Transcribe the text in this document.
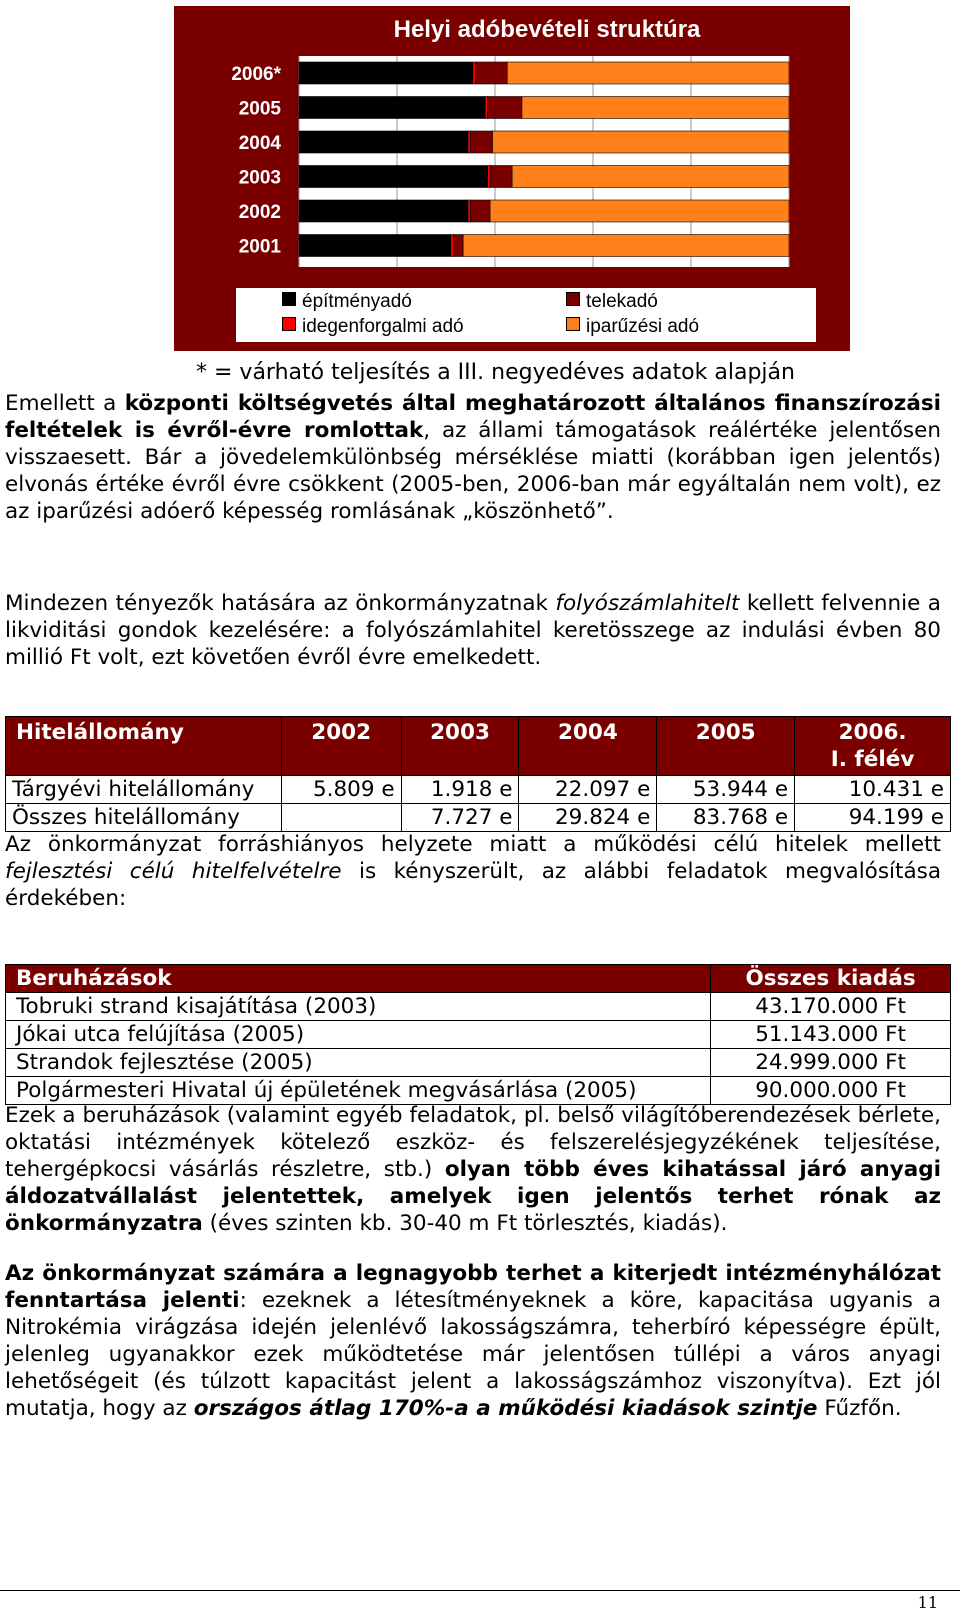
Helyi adóbevételi struktúra
2006*
2005
2004
2003
2002
2001
építményadó	telekadó
idegenforgalmi adó	iparűzési adó
* = várható teljesítés a III. negyedéves adatok alapján

Emellett a központi költségvetés által meghatározott általános finanszírozási feltételek is évről-évre romlottak, az állami támogatások reálértéke jelentősen visszaesett. Bár a jövedelemkülönbség mérséklése miatti (korábban igen jelentős) elvonás értéke évről évre csökkent (2005-ben, 2006-ban már egyáltalán nem volt), ez az iparűzési adóerő képesség romlásának „köszönhető”.

Mindezen tényezők hatására az önkormányzatnak folyószámlahitelt kellett felvennie a likviditási gondok kezelésére: a folyószámlahitel keretösszege az indulási évben 80 millió Ft volt, ezt követően évről évre emelkedett.

Hitelállomány	2002	2003	2004	2005	2006.
I. félév
Tárgyévi hitelállomány	5.809 e	1.918 e	22.097 e	53.944 e	10.431 e
Összes hitelállomány		7.727 e	29.824 e	83.768 e	94.199 e

Az önkormányzat forráshiányos helyzete miatt a működési célú hitelek mellett fejlesztési célú hitelfelvételre is kényszerült, az alábbi feladatok megvalósítása érdekében:

Beruházások	Összes kiadás
Tobruki strand kisajátítása (2003)	43.170.000 Ft
Jókai utca felújítása (2005)	51.143.000 Ft
Strandok fejlesztése (2005)	24.999.000 Ft
Polgármesteri Hivatal új épületének megvásárlása (2005)	90.000.000 Ft

Ezek a beruházások (valamint egyéb feladatok, pl. belső világítóberendezések bérlete, oktatási intézmények kötelező eszköz- és felszerelésjegyzékének teljesítése, tehergépkocsi vásárlás részletre, stb.) olyan több éves kihatással járó anyagi áldozatvállalást jelentettek, amelyek igen jelentős terhet rónak az önkormányzatra (éves szinten kb. 30-40 m Ft törlesztés, kiadás).

Az önkormányzat számára a legnagyobb terhet a kiterjedt intézményhálózat fenntartása jelenti: ezeknek a létesítményeknek a köre, kapacitása ugyanis a Nitrokémia virágzása idején jelenlévő lakosságszámra, teherbíró képességre épült, jelenleg ugyanakkor ezek működtetése már jelentősen túllépi a város anyagi lehetőségeit (és túlzott kapacitást jelent a lakosságszámhoz viszonyítva). Ezt jól mutatja, hogy az országos átlag 170%-a a működési kiadások szintje Fűzfőn.

11
